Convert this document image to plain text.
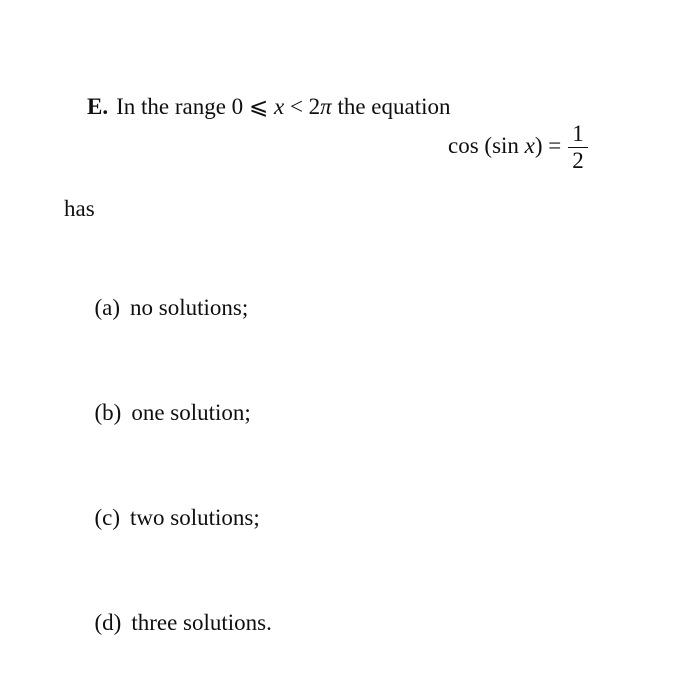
E. In the range 0 ⩽ x < 2π the equation

cos (sin $x) = \frac{1}{2}$
has

(a) no solutions;

(b) one solution;

(c) two solutions;

(d) three solutions.
